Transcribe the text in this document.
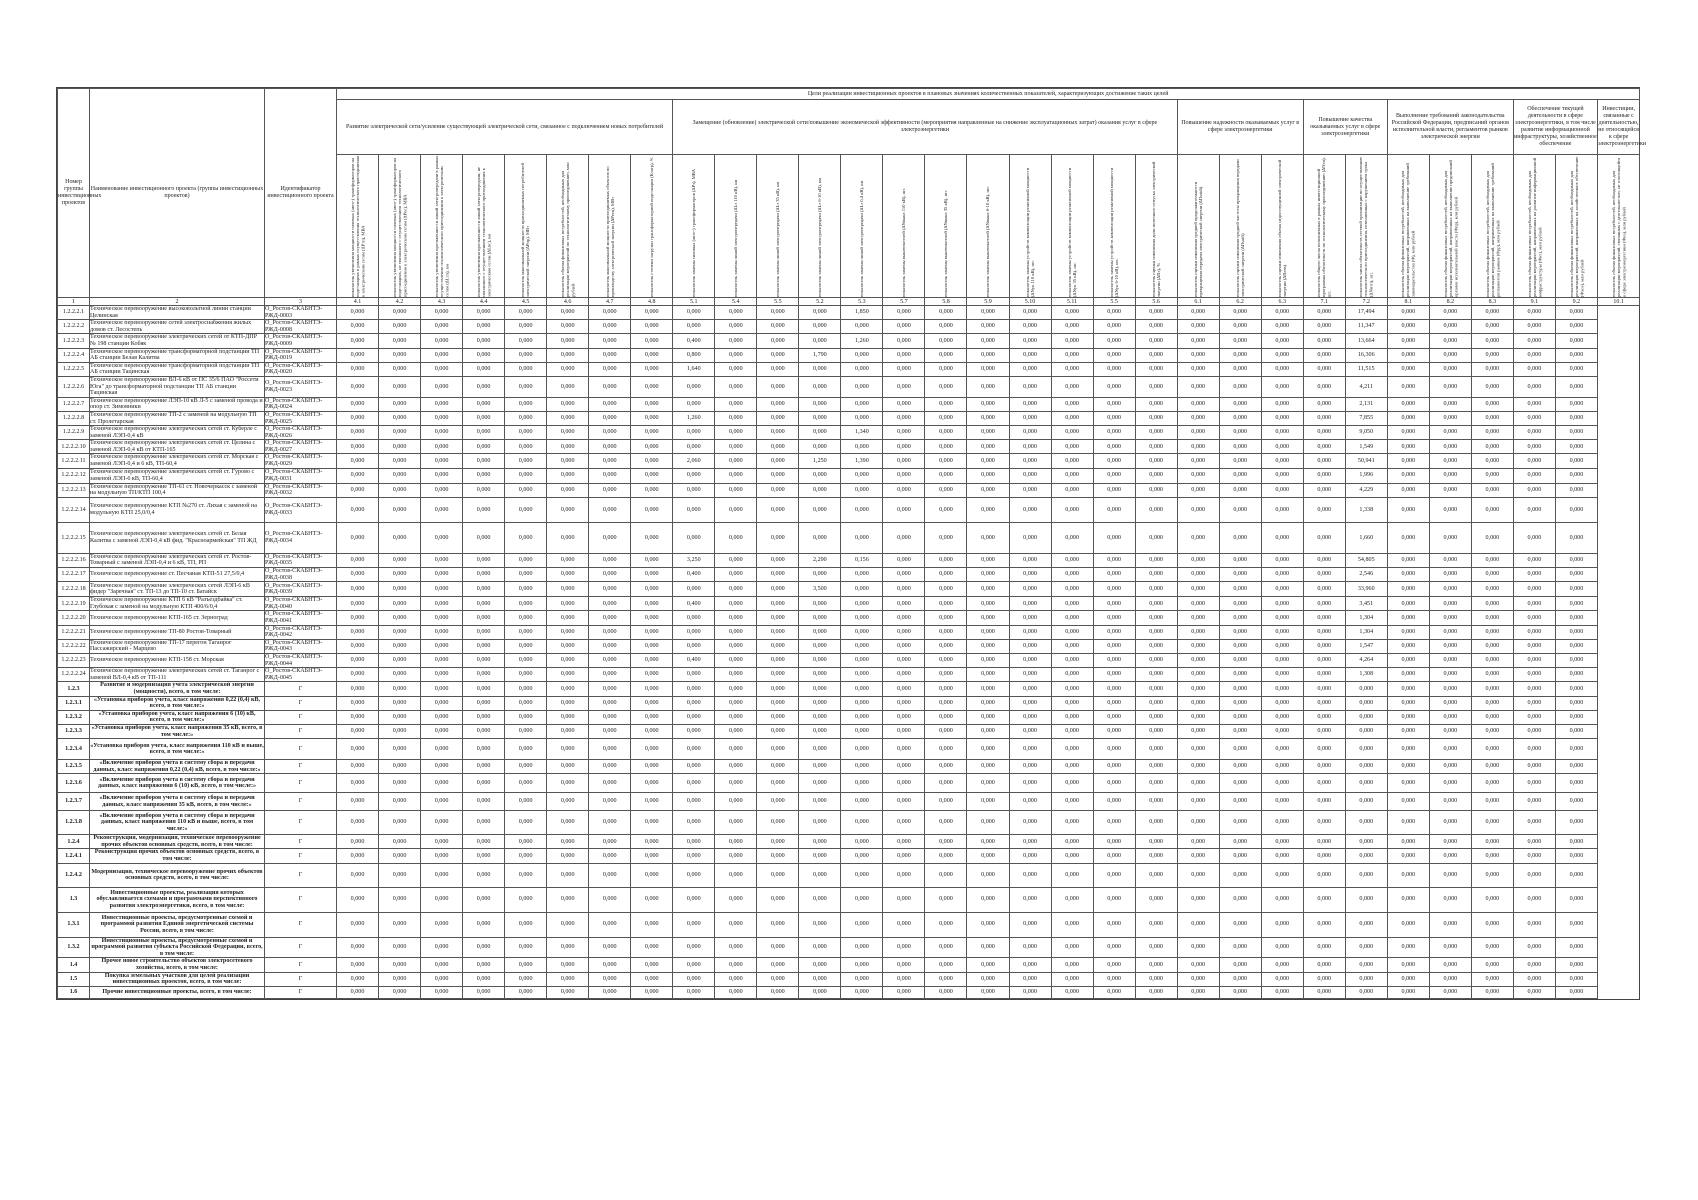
Номер группы инвестиционных проектов	Наименование инвестиционного проекта (группы инвестиционных проектов)	Идентификатор инвестиционного проекта	Цели реализации инвестиционных проектов в плановых значениях количественных показателей, характеризующих достижение таких целей																														
			Развитие электрической сети/усиление существующей электрической сети, связанное с подключением новых потребителей								Замещение (обновление) электрической сети/повышение экономической эффективности (мероприятия направленные на снижение эксплуатационных затрат) оказания услуг в сфере электроэнергетики												Повышение надежности оказываемых услуг в сфере электроэнергетики			Повышение качества оказываемых услуг в сфере электроэнергетики		Выполнение требований законодательства Российской Федерации, предписаний органов исполнительной власти, регламентов рынков электрической энергии			Обеспечение текущей деятельности в сфере электроэнергетики, в том числе развитие информационной инфраструктуры, хозяйственное обеспечение		Инвестиции, связанные с деятельностью, не относящейся к сфере электроэнергетики

			показатель увеличения мощности силовых (авто-) трансформаторов на подстанциях в рамках осуществления технологического присоединения к электрическим сетям (ΔPтп), МВА	показатель увеличения мощности силовых (авто-) трансформаторов на подстанциях, не связанного с осуществлением технологического присоединения к электрическим сетям (ΔPnс), МВА	показатель увеличения протяженности линий электропередачи в рамках осуществления технологического присоединения к электрическим сетям (ΔLтп), км	показатель увеличения протяженности линий электропередачи, не связанного с осуществлением технологического присоединения к электрическим сетям (ΔLnс), км	показатель максимальной мощности присоединяемых потребителей электрической энергии (ΔPпр), МВт	показатель объема финансовых потребностей, необходимых для реализации мероприятий по технологическому присоединению, млн рублей	показатель максимальной мощности присоединяемых объектов по производству электрической энергии (ΔPген), МВт	показатель степени загрузки трансформаторной подстанции (Kзагр), %	показатель замены силовых (авто-) трансформаторов (ΔPз), МВА	показатель замены линий электропередачи (ΔLз 110 кВ), км	показатель замены линий электропередачи (ΔLз 35 кВ), км	показатель замены линий электропередачи (ΔLз 6-10 кВ), км	показатель замены линий электропередачи (ΔLз 0,4 кВ), км	показатель замены выключателей (ΔNвыкл 110 кВ), шт.	показатель замены выключателей (ΔNвыкл 35 кВ), шт.	показатель замены выключателей (ΔNвыкл 6-10 кВ), шт.	показатель замены устройств компенсации реактивной мощности (ΔNук 110 кВ), шт.	показатель замены устройств компенсации реактивной мощности (ΔNук 35 кВ), шт.	показатель замены устройств компенсации реактивной мощности (ΔNук 6-10 кВ), шт.	показатель оценки изменения доли полезного отпуска электрической энергии (ΔПэ), %	показатель оценки изменения средней продолжительности прекращения передачи электрической энергии (ΔПsaidi)	показатель оценки изменения средней частоты прекращения передачи электрической энергии (ΔПsaifi)	показатель оценки изменения объема недоотпущенной электрической энергии (ΔПens)	показатель общего числа исполненных в рамках инвестиционной программы обязательств по технологическому присоединению (ΔNтп), шт.	показатель числа обязательств сетевой организации по осуществлению технологического присоединения, исполненных с нарушением срока (ΔNнтп), шт.	показатель объема финансовых потребностей, необходимых для реализации мероприятий, направленных на выполнение требований законодательства (Ф), млн рублей	показатель объема финансовых потребностей, необходимых для реализации мероприятий, направленных на выполнение предписаний органов исполнительной власти (Фпр), млн рублей	показатель объема финансовых потребностей, необходимых для реализации мероприятий, направленных на выполнение требований регламентов рынков (Фрр), млн рублей	показатель объема финансовых потребностей, необходимых для реализации мероприятий, направленных на развитие информационной инфраструктуры (Фит), млн рублей	показатель объема финансовых потребностей, необходимых для реализации мероприятий, направленных на хозяйственное обеспечение (Фхоз), млн рублей	показатель объема финансовых потребностей, необходимых для реализации мероприятий, связанных с деятельностью, не относящейся к сфере электроэнергетики (Фнэ), млн рублей

1	2	3	4.1	4.2	4.3	4.4	4.5	4.6	4.7	4.8	5.1	5.4	5.5	5.2	5.3	5.7	5.8	5.9	5.10	5.11	5.5	5.6	6.1	6.2	6.3	7.1	7.2	8.1	8.2	8.3	9.1	9.2	10.1
1.2.2.2.1	Техническое перевооружение высоковольтной линии станции Целинская	O_Ростов-СКАБНТЭ-РЖД-0003	0,000	0,000	0,000	0,000	0,000	0,000	0,000	0,000	0,000	0,000	0,000	0,000	1,850	0,000	0,000	0,000	0,000	0,000	0,000	0,000	0,000	0,000	0,000	0,000	17,494	0,000	0,000	0,000	0,000	0,000	
1.2.2.2.2	Техническое перевооружение сетей электроснабжения жилых домов ст. Лесостепь	O_Ростов-СКАБНТЭ-РЖД-0008	0,000	0,000	0,000	0,000	0,000	0,000	0,000	0,000	0,000	0,000	0,000	0,000	0,000	0,000	0,000	0,000	0,000	0,000	0,000	0,000	0,000	0,000	0,000	0,000	11,347	0,000	0,000	0,000	0,000	0,000	
1.2.2.2.3	Техническое перевооружение электрических сетей от КТП-ДПР № 198 станции Кобяк	O_Ростов-СКАБНТЭ-РЖД-0009	0,000	0,000	0,000	0,000	0,000	0,000	0,000	0,000	0,400	0,000	0,000	0,000	1,260	0,000	0,000	0,000	0,000	0,000	0,000	0,000	0,000	0,000	0,000	0,000	13,664	0,000	0,000	0,000	0,000	0,000	
1.2.2.2.4	Техническое перевооружение трансформаторной подстанции ТП АБ станции Белая Калитва	O_Ростов-СКАБНТЭ-РЖД-0019	0,000	0,000	0,000	0,000	0,000	0,000	0,000	0,000	0,800	0,000	0,000	1,790	0,000	0,000	0,000	0,000	0,000	0,000	0,000	0,000	0,000	0,000	0,000	0,000	16,306	0,000	0,000	0,000	0,000	0,000	
1.2.2.2.5	Техническое перевооружение трансформаторной подстанции ТП АБ станции Тацинская	O_Ростов-СКАБНТЭ-РЖД-0020	0,000	0,000	0,000	0,000	0,000	0,000	0,000	0,000	1,640	0,000	0,000	0,000	0,000	0,000	0,000	0,000	0,000	0,000	0,000	0,000	0,000	0,000	0,000	0,000	11,515	0,000	0,000	0,000	0,000	0,000	
1.2.2.2.6	Техническое перевооружение ВЛ-6 кВ от ПС 35/6 ПАО "Россети Юга" до трансформаторной подстанции ТП АБ станции Тацинская	O_Ростов-СКАБНТЭ-РЖД-0023	0,000	0,000	0,000	0,000	0,000	0,000	0,000	0,000	0,000	0,000	0,000	0,000	0,000	0,000	0,000	0,000	0,000	0,000	0,000	0,000	0,000	0,000	0,000	0,000	4,211	0,000	0,000	0,000	0,000	0,000	
1.2.2.2.7	Техническое перевооружение ЛЭП-10 кВ Л-5 с заменой провода и опор ст. Зимовники	O_Ростов-СКАБНТЭ-РЖД-0024	0,000	0,000	0,000	0,000	0,000	0,000	0,000	0,000	0,000	0,000	0,000	0,000	0,000	0,000	0,000	0,000	0,000	0,000	0,000	0,000	0,000	0,000	0,000	0,000	2,131	0,000	0,000	0,000	0,000	0,000	
1.2.2.2.8	Техническое перевооружение ТП-2 с заменой на модульную ТП ст. Пролетарская	O_Ростов-СКАБНТЭ-РЖД-0025	0,000	0,000	0,000	0,000	0,000	0,000	0,000	0,000	1,260	0,000	0,000	0,000	0,000	0,000	0,000	0,000	0,000	0,000	0,000	0,000	0,000	0,000	0,000	0,000	7,855	0,000	0,000	0,000	0,000	0,000	
1.2.2.2.9	Техническое перевооружение электрических сетей ст. Куберле с заменой ЛЭП-0,4 кВ	O_Ростов-СКАБНТЭ-РЖД-0026	0,000	0,000	0,000	0,000	0,000	0,000	0,000	0,000	0,000	0,000	0,000	0,000	1,340	0,000	0,000	0,000	0,000	0,000	0,000	0,000	0,000	0,000	0,000	0,000	9,050	0,000	0,000	0,000	0,000	0,000	
1.2.2.2.10	Техническое перевооружение электрических сетей ст. Целина с заменой ЛЭП-0,4 кВ от КТП-165	O_Ростов-СКАБНТЭ-РЖД-0027	0,000	0,000	0,000	0,000	0,000	0,000	0,000	0,000	0,000	0,000	0,000	0,000	0,000	0,000	0,000	0,000	0,000	0,000	0,000	0,000	0,000	0,000	0,000	0,000	1,549	0,000	0,000	0,000	0,000	0,000	
1.2.2.2.11	Техническое перевооружение электрических сетей ст. Морская с заменой ЛЭП-0,4 и 6 кВ, ТП-60,4	O_Ростов-СКАБНТЭ-РЖД-0029	0,000	0,000	0,000	0,000	0,000	0,000	0,000	0,000	2,060	0,000	0,000	1,250	1,390	0,000	0,000	0,000	0,000	0,000	0,000	0,000	0,000	0,000	0,000	0,000	50,941	0,000	0,000	0,000	0,000	0,000	
1.2.2.2.12	Техническое перевооружение электрических сетей ст. Гурово с заменой ЛЭП-6 кВ, ТП-60,4	O_Ростов-СКАБНТЭ-РЖД-0031	0,000	0,000	0,000	0,000	0,000	0,000	0,000	0,000	0,000	0,000	0,000	0,000	0,000	0,000	0,000	0,000	0,000	0,000	0,000	0,000	0,000	0,000	0,000	0,000	1,996	0,000	0,000	0,000	0,000	0,000	
1.2.2.2.13	Техническое перевооружение ТП-61 ст. Новочеркасск с заменой на модульную ТП/КТП 100,4	O_Ростов-СКАБНТЭ-РЖД-0032	0,000	0,000	0,000	0,000	0,000	0,000	0,000	0,000	0,000	0,000	0,000	0,000	0,000	0,000	0,000	0,000	0,000	0,000	0,000	0,000	0,000	0,000	0,000	0,000	4,229	0,000	0,000	0,000	0,000	0,000	
1.2.2.2.14	Техническое перевооружение КТП №270 ст. Лихая с заменой на модульную КТП 25,0/0,4	O_Ростов-СКАБНТЭ-РЖД-0033	0,000	0,000	0,000	0,000	0,000	0,000	0,000	0,000	0,000	0,000	0,000	0,000	0,000	0,000	0,000	0,000	0,000	0,000	0,000	0,000	0,000	0,000	0,000	0,000	1,338	0,000	0,000	0,000	0,000	0,000	
1.2.2.2.15	Техническое перевооружение электрических сетей ст. Белая Калитва с заменой ЛЭП-0,4 кВ фид. "Красноармейская" ТП ЖД	O_Ростов-СКАБНТЭ-РЖД-0034	0,000	0,000	0,000	0,000	0,000	0,000	0,000	0,000	0,000	0,000	0,000	0,000	0,000	0,000	0,000	0,000	0,000	0,000	0,000	0,000	0,000	0,000	0,000	0,000	1,660	0,000	0,000	0,000	0,000	0,000	
1.2.2.2.16	Техническое перевооружение электрических сетей ст. Ростов-Товарный с заменой ЛЭП-0,4 и 6 кВ, ТП, РП	O_Ростов-СКАБНТЭ-РЖД-0035	0,000	0,000	0,000	0,000	0,000	0,000	0,000	0,000	3,250	0,000	0,000	2,290	0,156	0,000	0,000	0,000	0,000	0,000	0,000	0,000	0,000	0,000	0,000	0,000	54,805	0,000	0,000	0,000	0,000	0,000	
1.2.2.2.17	Техническое перевооружение ст. Песчаная КТП-51 27,5/0,4	O_Ростов-СКАБНТЭ-РЖД-0038	0,000	0,000	0,000	0,000	0,000	0,000	0,000	0,000	0,400	0,000	0,000	0,000	0,000	0,000	0,000	0,000	0,000	0,000	0,000	0,000	0,000	0,000	0,000	0,000	2,546	0,000	0,000	0,000	0,000	0,000	
1.2.2.2.18	Техническое перевооружение электрических сетей ЛЭП-6 кВ фидер "Заречная" ст. ТП-13 до ТП-10 ст. Батайск	O_Ростов-СКАБНТЭ-РЖД-0039	0,000	0,000	0,000	0,000	0,000	0,000	0,000	0,000	0,000	0,000	0,000	3,500	0,000	0,000	0,000	0,000	0,000	0,000	0,000	0,000	0,000	0,000	0,000	0,000	33,960	0,000	0,000	0,000	0,000	0,000	
1.2.2.2.19	Техническое перевооружение КТП 6 кВ "Разъездбайка" ст. Глубокая с заменой на модульную КТП 400/6/0,4	O_Ростов-СКАБНТЭ-РЖД-0040	0,000	0,000	0,000	0,000	0,000	0,000	0,000	0,000	0,400	0,000	0,000	0,000	0,000	0,000	0,000	0,000	0,000	0,000	0,000	0,000	0,000	0,000	0,000	0,000	3,451	0,000	0,000	0,000	0,000	0,000	
1.2.2.2.20	Техническое перевооружение КТП-165 ст. Зерноград	O_Ростов-СКАБНТЭ-РЖД-0041	0,000	0,000	0,000	0,000	0,000	0,000	0,000	0,000	0,000	0,000	0,000	0,000	0,000	0,000	0,000	0,000	0,000	0,000	0,000	0,000	0,000	0,000	0,000	0,000	1,304	0,000	0,000	0,000	0,000	0,000	
1.2.2.2.21	Техническое перевооружение ТП-80 Ростов-Товарный	O_Ростов-СКАБНТЭ-РЖД-0042	0,000	0,000	0,000	0,000	0,000	0,000	0,000	0,000	0,000	0,000	0,000	0,000	0,000	0,000	0,000	0,000	0,000	0,000	0,000	0,000	0,000	0,000	0,000	0,000	1,304	0,000	0,000	0,000	0,000	0,000	
1.2.2.2.22	Техническое перевооружение ТП-17 перегон Таганрог Пассажирский - Марцево	O_Ростов-СКАБНТЭ-РЖД-0043	0,000	0,000	0,000	0,000	0,000	0,000	0,000	0,000	0,000	0,000	0,000	0,000	0,000	0,000	0,000	0,000	0,000	0,000	0,000	0,000	0,000	0,000	0,000	0,000	1,547	0,000	0,000	0,000	0,000	0,000	
1.2.2.2.23	Техническое перевооружение КТП-158 ст. Морская	O_Ростов-СКАБНТЭ-РЖД-0044	0,000	0,000	0,000	0,000	0,000	0,000	0,000	0,000	0,400	0,000	0,000	0,000	0,000	0,000	0,000	0,000	0,000	0,000	0,000	0,000	0,000	0,000	0,000	0,000	4,264	0,000	0,000	0,000	0,000	0,000	
1.2.2.2.24	Техническое перевооружение электрических сетей ст. Таганрог с заменой ВЛ-0,4 кВ от ТП-111	O_Ростов-СКАБНТЭ-РЖД-0045	0,000	0,000	0,000	0,000	0,000	0,000	0,000	0,000	0,000	0,000	0,000	0,000	0,000	0,000	0,000	0,000	0,000	0,000	0,000	0,000	0,000	0,000	0,000	0,000	1,308	0,000	0,000	0,000	0,000	0,000	
1.2.3	Развитие и модернизация учета электрической энергии (мощности), всего, в том числе:	Г	0,000	0,000	0,000	0,000	0,000	0,000	0,000	0,000	0,000	0,000	0,000	0,000	0,000	0,000	0,000	0,000	0,000	0,000	0,000	0,000	0,000	0,000	0,000	0,000	0,000	0,000	0,000	0,000	0,000	0,000	
1.2.3.1	«Установка приборов учета, класс напряжения 0,22 (0,4) кВ, всего, в том числе:»	Г	0,000	0,000	0,000	0,000	0,000	0,000	0,000	0,000	0,000	0,000	0,000	0,000	0,000	0,000	0,000	0,000	0,000	0,000	0,000	0,000	0,000	0,000	0,000	0,000	0,000	0,000	0,000	0,000	0,000	0,000	
1.2.3.2	«Установка приборов учета, класс напряжения 6 (10) кВ, всего, в том числе:»	Г	0,000	0,000	0,000	0,000	0,000	0,000	0,000	0,000	0,000	0,000	0,000	0,000	0,000	0,000	0,000	0,000	0,000	0,000	0,000	0,000	0,000	0,000	0,000	0,000	0,000	0,000	0,000	0,000	0,000	0,000	
1.2.3.3	«Установка приборов учета, класс напряжения 35 кВ, всего, в том числе:»	Г	0,000	0,000	0,000	0,000	0,000	0,000	0,000	0,000	0,000	0,000	0,000	0,000	0,000	0,000	0,000	0,000	0,000	0,000	0,000	0,000	0,000	0,000	0,000	0,000	0,000	0,000	0,000	0,000	0,000	0,000	
1.2.3.4	«Установка приборов учета, класс напряжения 110 кВ и выше, всего, в том числе:»	Г	0,000	0,000	0,000	0,000	0,000	0,000	0,000	0,000	0,000	0,000	0,000	0,000	0,000	0,000	0,000	0,000	0,000	0,000	0,000	0,000	0,000	0,000	0,000	0,000	0,000	0,000	0,000	0,000	0,000	0,000	
1.2.3.5	«Включение приборов учета в систему сбора и передачи данных, класс напряжения 0,22 (0,4) кВ, всего, в том числе:»	Г	0,000	0,000	0,000	0,000	0,000	0,000	0,000	0,000	0,000	0,000	0,000	0,000	0,000	0,000	0,000	0,000	0,000	0,000	0,000	0,000	0,000	0,000	0,000	0,000	0,000	0,000	0,000	0,000	0,000	0,000	
1.2.3.6	«Включение приборов учета в систему сбора и передачи данных, класс напряжения 6 (10) кВ, всего, в том числе:»	Г	0,000	0,000	0,000	0,000	0,000	0,000	0,000	0,000	0,000	0,000	0,000	0,000	0,000	0,000	0,000	0,000	0,000	0,000	0,000	0,000	0,000	0,000	0,000	0,000	0,000	0,000	0,000	0,000	0,000	0,000	
1.2.3.7	«Включение приборов учета в систему сбора и передачи данных, класс напряжения 35 кВ, всего, в том числе:»	Г	0,000	0,000	0,000	0,000	0,000	0,000	0,000	0,000	0,000	0,000	0,000	0,000	0,000	0,000	0,000	0,000	0,000	0,000	0,000	0,000	0,000	0,000	0,000	0,000	0,000	0,000	0,000	0,000	0,000	0,000	
1.2.3.8	«Включение приборов учета в систему сбора и передачи данных, класс напряжения 110 кВ и выше, всего, в том числе:»	Г	0,000	0,000	0,000	0,000	0,000	0,000	0,000	0,000	0,000	0,000	0,000	0,000	0,000	0,000	0,000	0,000	0,000	0,000	0,000	0,000	0,000	0,000	0,000	0,000	0,000	0,000	0,000	0,000	0,000	0,000	
1.2.4	Реконструкция, модернизация, техническое перевооружение прочих объектов основных средств, всего, в том числе:	Г	0,000	0,000	0,000	0,000	0,000	0,000	0,000	0,000	0,000	0,000	0,000	0,000	0,000	0,000	0,000	0,000	0,000	0,000	0,000	0,000	0,000	0,000	0,000	0,000	0,000	0,000	0,000	0,000	0,000	0,000	
1.2.4.1	Реконструкция прочих объектов основных средств, всего, в том числе:	Г	0,000	0,000	0,000	0,000	0,000	0,000	0,000	0,000	0,000	0,000	0,000	0,000	0,000	0,000	0,000	0,000	0,000	0,000	0,000	0,000	0,000	0,000	0,000	0,000	0,000	0,000	0,000	0,000	0,000	0,000	
1.2.4.2	Модернизация, техническое перевооружение прочих объектов основных средств, всего, в том числе:	Г	0,000	0,000	0,000	0,000	0,000	0,000	0,000	0,000	0,000	0,000	0,000	0,000	0,000	0,000	0,000	0,000	0,000	0,000	0,000	0,000	0,000	0,000	0,000	0,000	0,000	0,000	0,000	0,000	0,000	0,000	
1.3	Инвестиционные проекты, реализация которых обуславливается схемами и программами перспективного развития электроэнергетики, всего, в том числе:	Г	0,000	0,000	0,000	0,000	0,000	0,000	0,000	0,000	0,000	0,000	0,000	0,000	0,000	0,000	0,000	0,000	0,000	0,000	0,000	0,000	0,000	0,000	0,000	0,000	0,000	0,000	0,000	0,000	0,000	0,000	
1.3.1	Инвестиционные проекты, предусмотренные схемой и программой развития Единой энергетической системы России, всего, в том числе:	Г	0,000	0,000	0,000	0,000	0,000	0,000	0,000	0,000	0,000	0,000	0,000	0,000	0,000	0,000	0,000	0,000	0,000	0,000	0,000	0,000	0,000	0,000	0,000	0,000	0,000	0,000	0,000	0,000	0,000	0,000	
1.3.2	Инвестиционные проекты, предусмотренные схемой и программой развития субъекта Российской Федерации, всего, в том числе:	Г	0,000	0,000	0,000	0,000	0,000	0,000	0,000	0,000	0,000	0,000	0,000	0,000	0,000	0,000	0,000	0,000	0,000	0,000	0,000	0,000	0,000	0,000	0,000	0,000	0,000	0,000	0,000	0,000	0,000	0,000	
1.4	Прочее новое строительство объектов электросетевого хозяйства, всего, в том числе:	Г	0,000	0,000	0,000	0,000	0,000	0,000	0,000	0,000	0,000	0,000	0,000	0,000	0,000	0,000	0,000	0,000	0,000	0,000	0,000	0,000	0,000	0,000	0,000	0,000	0,000	0,000	0,000	0,000	0,000	0,000	
1.5	Покупка земельных участков для целей реализации инвестиционных проектов, всего, в том числе:	Г	0,000	0,000	0,000	0,000	0,000	0,000	0,000	0,000	0,000	0,000	0,000	0,000	0,000	0,000	0,000	0,000	0,000	0,000	0,000	0,000	0,000	0,000	0,000	0,000	0,000	0,000	0,000	0,000	0,000	0,000	
1.6	Прочие инвестиционные проекты, всего, в том числе:	Г	0,000	0,000	0,000	0,000	0,000	0,000	0,000	0,000	0,000	0,000	0,000	0,000	0,000	0,000	0,000	0,000	0,000	0,000	0,000	0,000	0,000	0,000	0,000	0,000	0,000	0,000	0,000	0,000	0,000	0,000	
